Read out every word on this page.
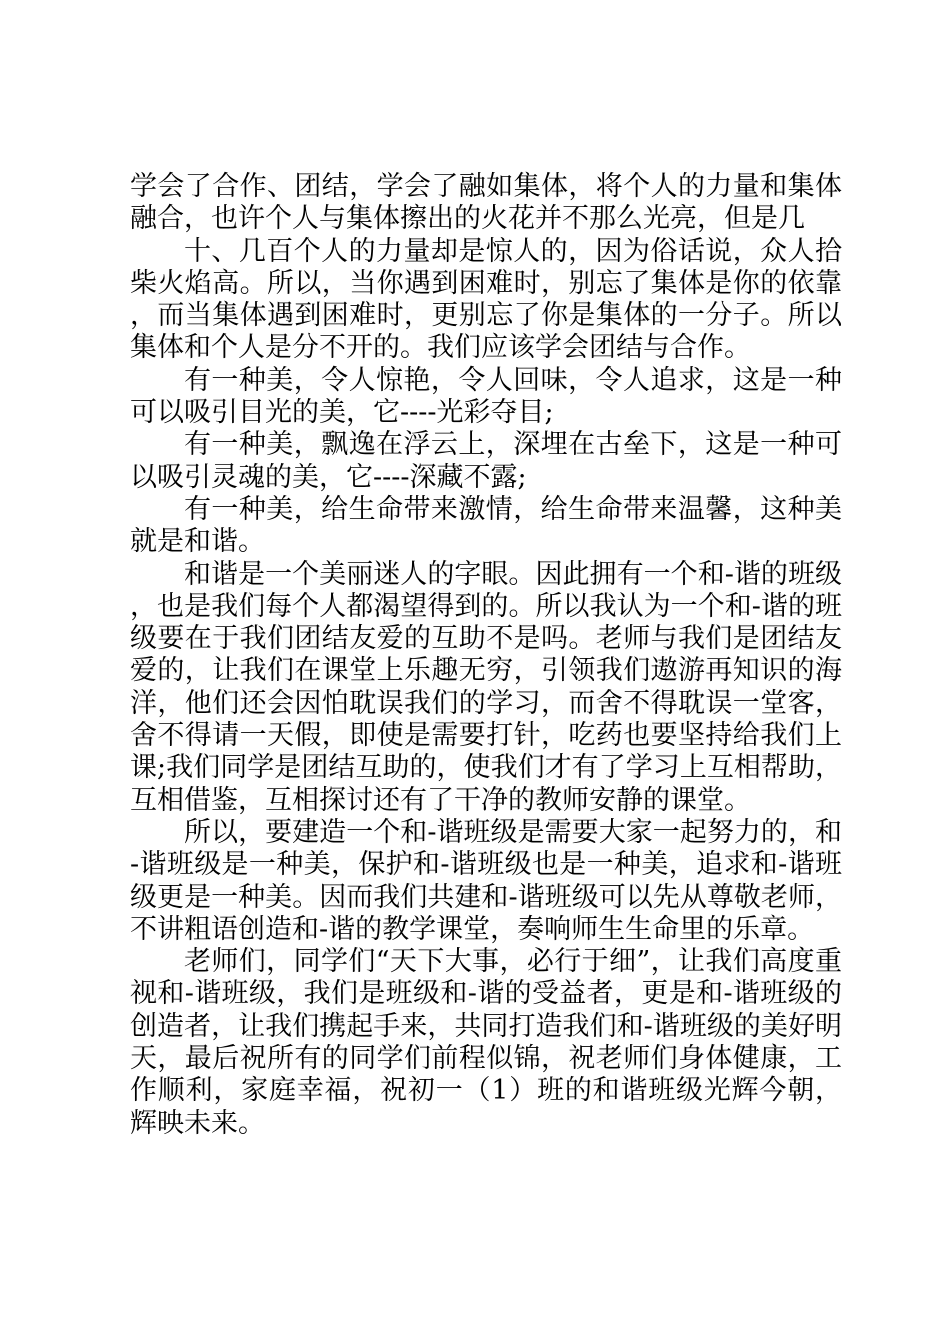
学会了合作、团结，学会了融如集体，将个人的力量和集体融合，也许个人与集体擦出的火花并不那么光亮，但是几

十、几百个人的力量却是惊人的，因为俗话说，众人拾柴火焰高。所以，当你遇到困难时，别忘了集体是你的依靠，而当集体遇到困难时，更别忘了你是集体的一分子。所以集体和个人是分不开的。我们应该学会团结与合作。

有一种美，令人惊艳，令人回味，令人追求，这是一种可以吸引目光的美，它----光彩夺目;

有一种美，飘逸在浮云上，深埋在古垒下，这是一种可以吸引灵魂的美，它----深藏不露;

有一种美，给生命带来激情，给生命带来温馨，这种美就是和谐。

和谐是一个美丽迷人的字眼。因此拥有一个和-谐的班级，也是我们每个人都渴望得到的。所以我认为一个和-谐的班级要在于我们团结友爱的互助不是吗。老师与我们是团结友爱的，让我们在课堂上乐趣无穷，引领我们遨游再知识的海洋，他们还会因怕耽误我们的学习，而舍不得耽误一堂客，舍不得请一天假，即使是需要打针，吃药也要坚持给我们上课;我们同学是团结互助的，使我们才有了学习上互相帮助，互相借鉴，互相探讨还有了干净的教师安静的课堂。

所以，要建造一个和-谐班级是需要大家一起努力的，和-谐班级是一种美，保护和-谐班级也是一种美，追求和-谐班级更是一种美。因而我们共建和-谐班级可以先从尊敬老师，不讲粗语创造和-谐的教学课堂，奏响师生生命里的乐章。

老师们，同学们“天下大事，必行于细”，让我们高度重视和-谐班级，我们是班级和-谐的受益者，更是和-谐班级的创造者，让我们携起手来，共同打造我们和-谐班级的美好明天，最后祝所有的同学们前程似锦，祝老师们身体健康，工作顺利，家庭幸福，祝初一（1）班的和谐班级光辉今朝，辉映未来。
